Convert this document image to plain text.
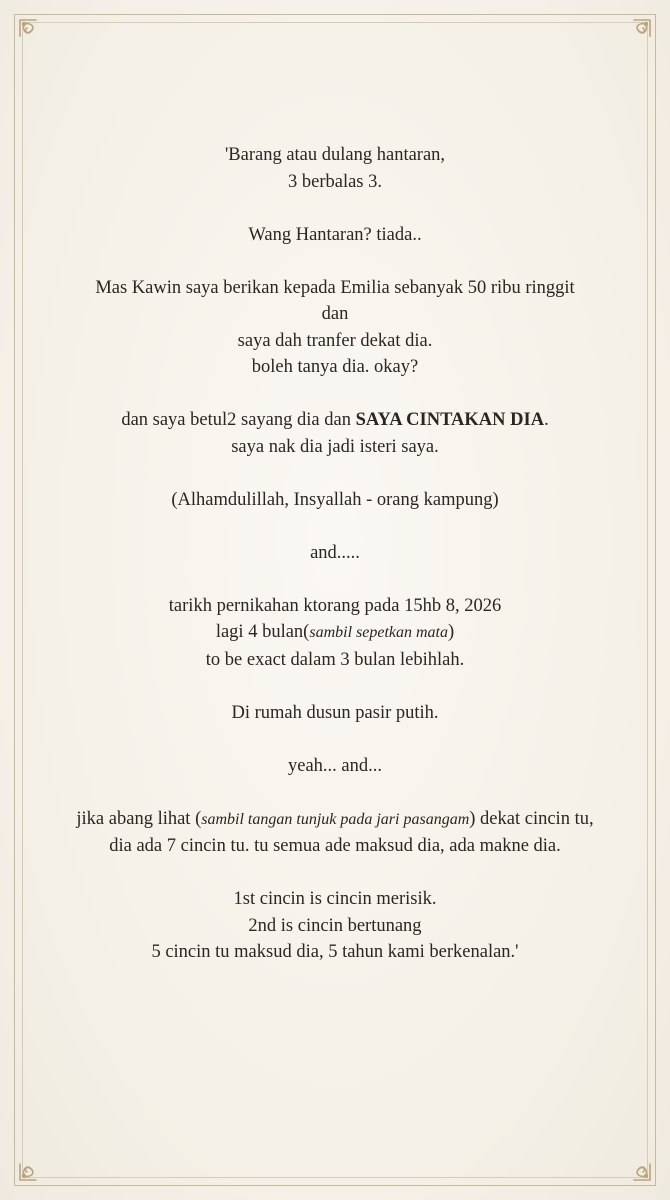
'Barang atau dulang hantaran,
3 berbalas 3.

Wang Hantaran? tiada..

Mas Kawin saya berikan kepada Emilia sebanyak 50 ribu ringgit
dan
saya dah tranfer dekat dia.
boleh tanya dia. okay?

dan saya betul2 sayang dia dan SAYA CINTAKAN DIA.
saya nak dia jadi isteri saya.

(Alhamdulillah, Insyallah - orang kampung)

and.....

tarikh pernikahan ktorang pada 15hb 8, 2026
lagi 4 bulan(sambil sepetkan mata)
to be exact dalam 3 bulan lebihlah.

Di rumah dusun pasir putih.

yeah... and...

jika abang lihat (sambil tangan tunjuk pada jari pasangam) dekat cincin tu,
dia ada 7 cincin tu. tu semua ade maksud dia, ada makne dia.

1st cincin is cincin merisik.
2nd is cincin bertunang
5 cincin tu maksud dia, 5 tahun kami berkenalan.'
